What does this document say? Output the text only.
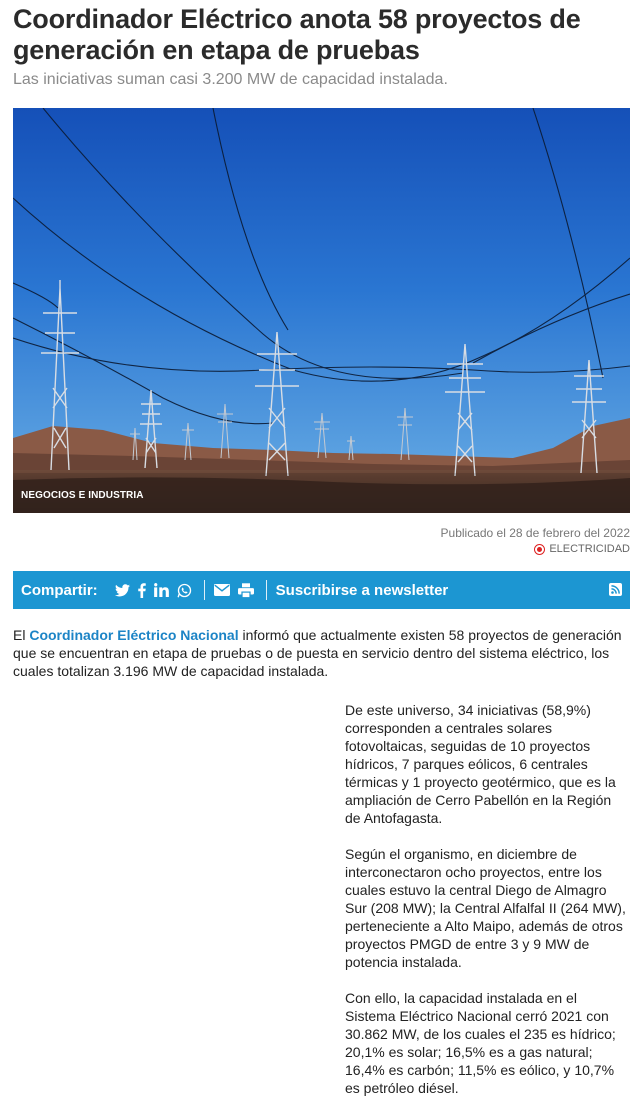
Coordinador Eléctrico anota 58 proyectos de generación en etapa de pruebas

Las iniciativas suman casi 3.200 MW de capacidad instalada.

NEGOCIOS E INDUSTRIA
Publicado el 28 de febrero del 2022
ELECTRICIDAD
Compartir:	Suscribirse a newsletter

El Coordinador Eléctrico Nacional informó que actualmente existen 58 proyectos de generación que se encuentran en etapa de pruebas o de puesta en servicio dentro del sistema eléctrico, los cuales totalizan 3.196 MW de capacidad instalada.

De este universo, 34 iniciativas (58,9%) corresponden a centrales solares fotovoltaicas, seguidas de 10 proyectos hídricos, 7 parques eólicos, 6 centrales térmicas y 1 proyecto geotérmico, que es la ampliación de Cerro Pabellón en la Región de Antofagasta.

Según el organismo, en diciembre de interconectaron ocho proyectos, entre los cuales estuvo la central Diego de Almagro Sur (208 MW); la Central Alfalfal II (264 MW), perteneciente a Alto Maipo, además de otros proyectos PMGD de entre 3 y 9 MW de potencia instalada.

Con ello, la capacidad instalada en el Sistema Eléctrico Nacional cerró 2021 con 30.862 MW, de los cuales el 235 es hídrico; 20,1% es solar; 16,5% es a gas natural; 16,4% es carbón; 11,5% es eólico, y 10,7% es petróleo diésel.
